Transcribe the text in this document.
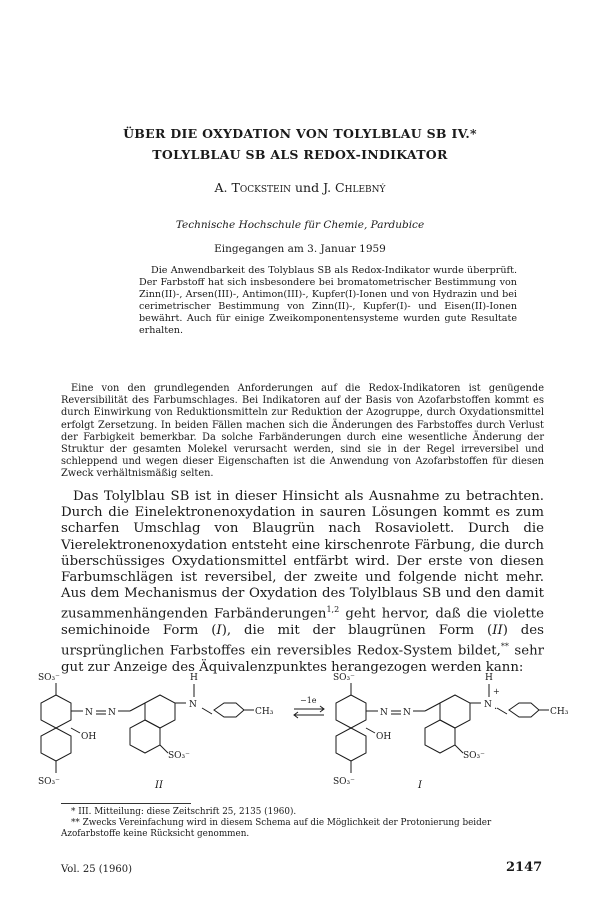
ÜBER DIE OXYDATION VON TOLYLBLAU SB IV.*
TOLYLBLAU SB ALS REDOX-INDIKATOR
A. Tockstein und J. Chlebný
Technische Hochschule für Chemie, Pardubice
Eingegangen am 3. Januar 1959

Die Anwendbarkeit des Tolyblaus SB als Redox-Indikator wurde überprüft. Der Farbstoff hat sich insbesondere bei bromatometrischer Bestimmung von Zinn(II)-, Arsen(III)-, Antimon(III)-, Kupfer(I)-Ionen und von Hydrazin und bei cerimetrischer Bestimmung von Zinn(II)-, Kupfer(I)- und Eisen(II)-Ionen bewährt. Auch für einige Zweikomponentensysteme wurden gute Resultate erhalten.

Eine von den grundlegenden Anforderungen auf die Redox-Indikatoren ist genügende Reversibilität des Farbumschlages. Bei Indikatoren auf der Basis von Azofarbstoffen kommt es durch Einwirkung von Reduktionsmitteln zur Reduktion der Azogruppe, durch Oxydationsmittel erfolgt Zersetzung. In beiden Fällen machen sich die Änderungen des Farbstoffes durch Verlust der Farbigkeit bemerkbar. Da solche Farbänderungen durch eine wesentliche Änderung der Struktur der gesamten Molekel verursacht werden, sind sie in der Regel irreversibel und schleppend und wegen dieser Eigenschaften ist die Anwendung von Azofarbstoffen für diesen Zweck verhältnismäßig selten.

Das Tolylblau SB ist in dieser Hinsicht als Ausnahme zu betrachten. Durch die Einelektronenoxydation in sauren Lösungen kommt es zum scharfen Umschlag von Blaugrün nach Rosaviolett. Durch die Vierelektronenoxydation entsteht eine kirschenrote Färbung, die durch überschüssiges Oxydationsmittel entfärbt wird. Der erste von diesen Farbumschlägen ist reversibel, der zweite und folgende nicht mehr. Aus dem Mechanismus der Oxydation des Tolylblaus SB und den damit zusammenhängenden Farbänderungen$^{1,2}$ geht hervor, daß die violette semichinoide Form (I), die mit der blaugrünen Form (II) des ursprünglichen Farbstoffes ein reversibles Redox-System bildet,** sehr gut zur Anzeige des Äquivalenzpunktes herangezogen werden kann:

SO₃⁻
SO₃⁻
N N
OH
N
H
CH₃
SO₃⁻
II
−1e
SO₃⁻
SO₃⁻
N N
OH
N
H
+
·	CH₃
SO₃⁻
I

* III. Mitteilung: diese Zeitschrift 25, 2135 (1960).

** Zwecks Vereinfachung wird in diesem Schema auf die Möglichkeit der Protonierung beider Azofarbstoffe keine Rücksicht genommen.

Vol. 25 (1960)	2147
